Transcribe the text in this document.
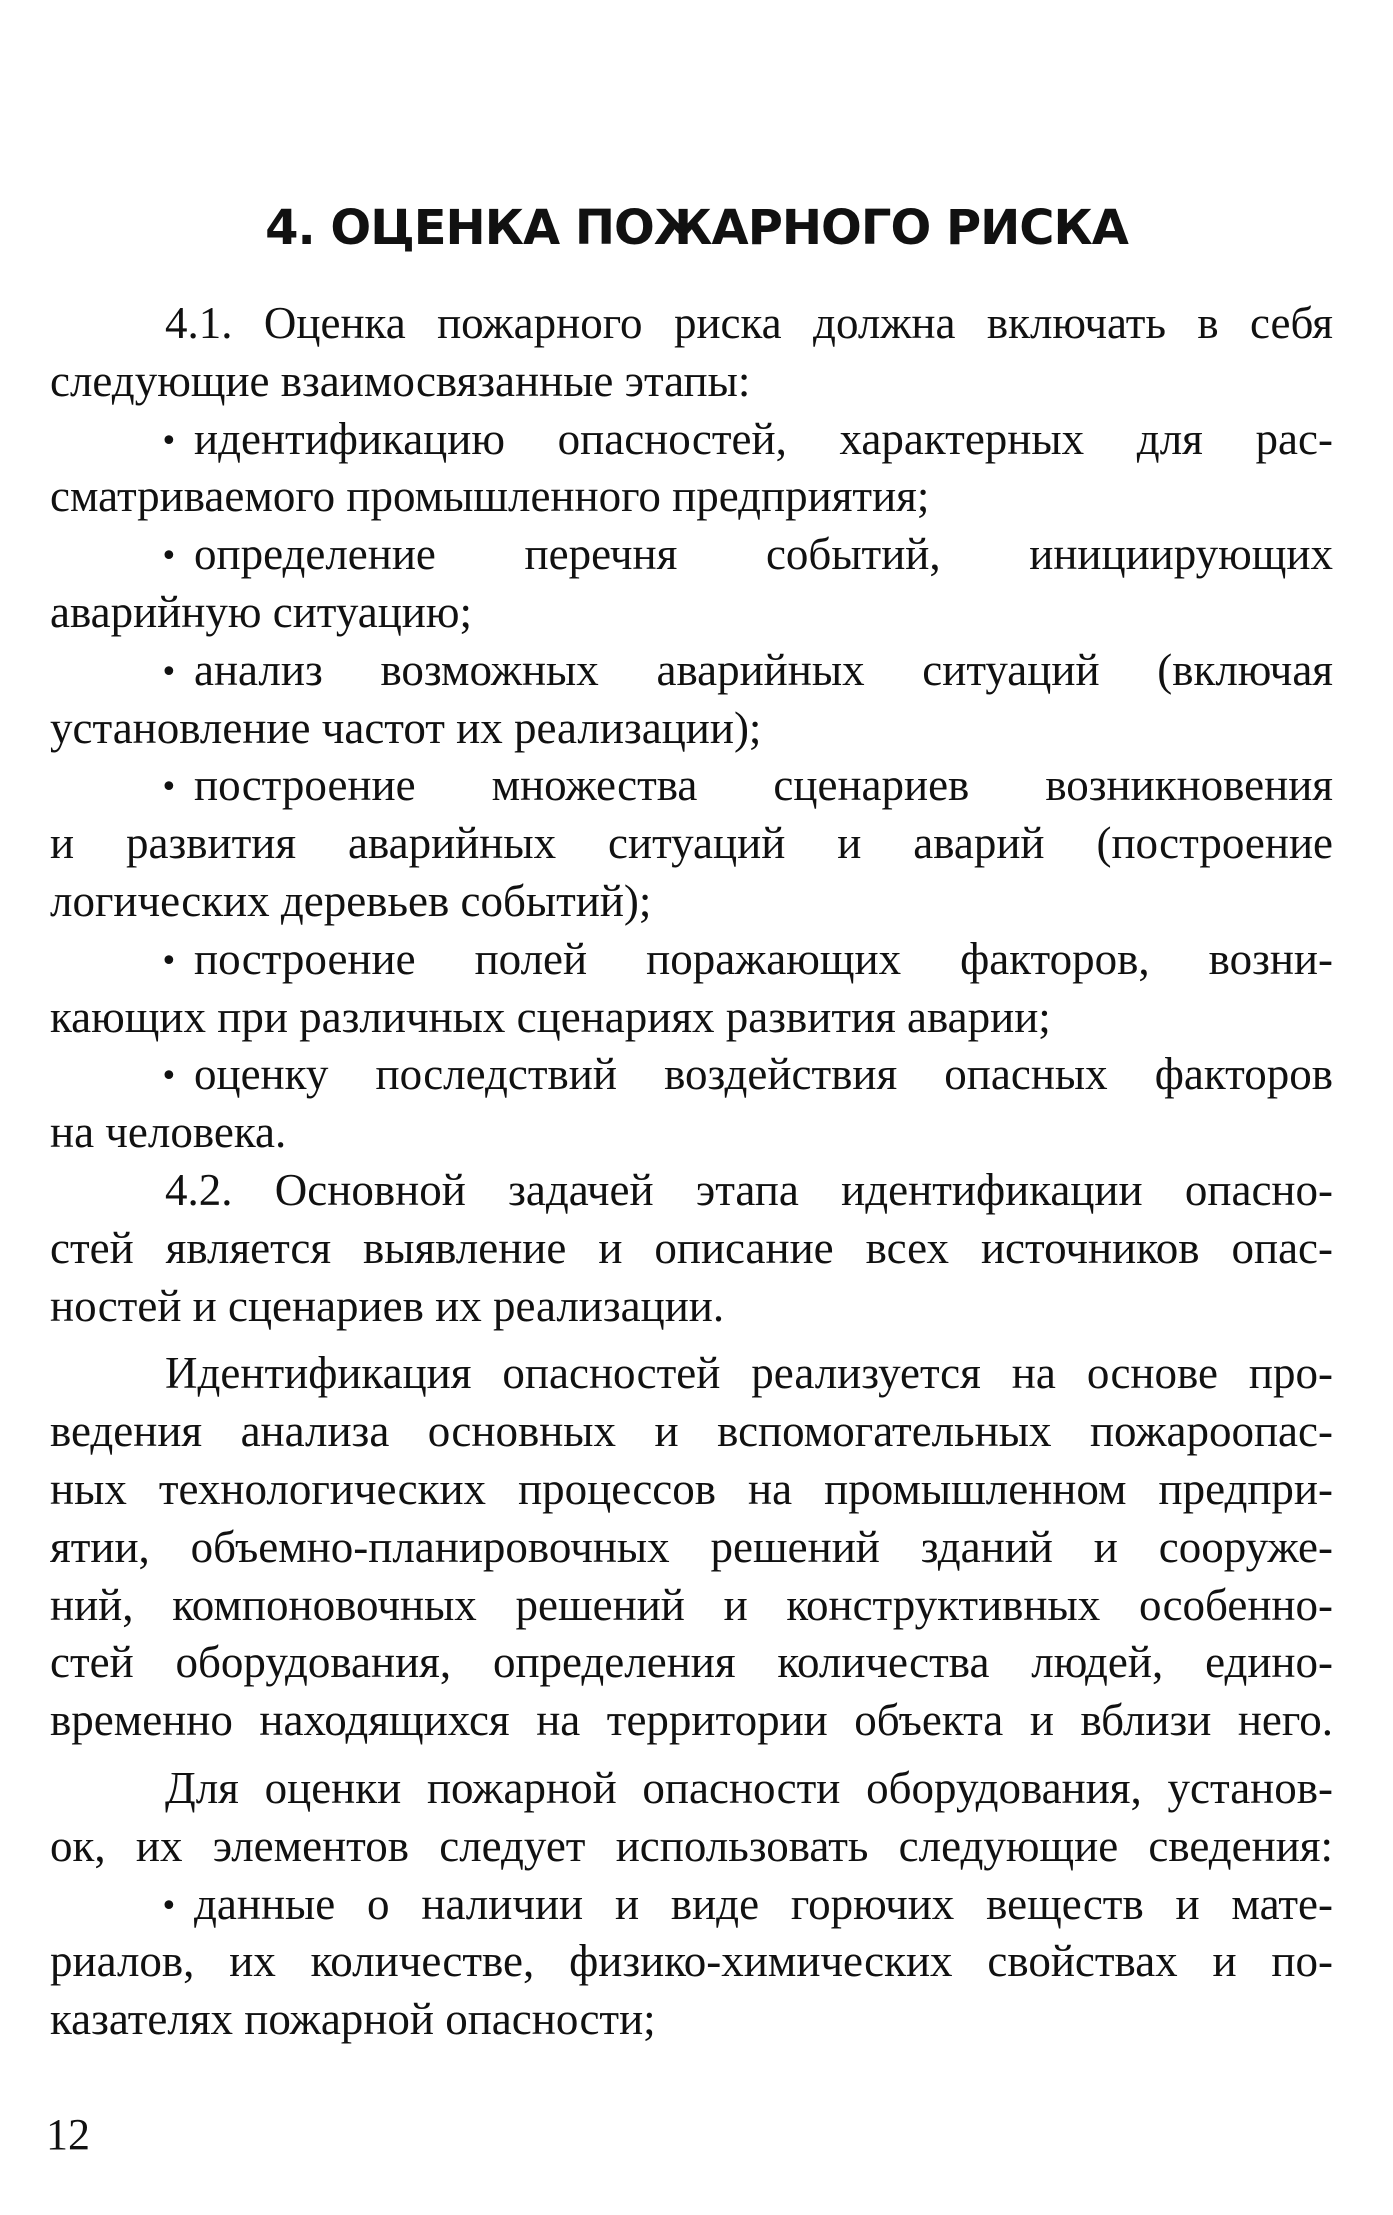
4. ОЦЕНКА ПОЖАРНОГО РИСКА

4.1. Оценка пожарного риска должна включать в себя
следующие взаимосвязанные этапы:

• идентификацию опасностей, характерных для рас-
сматриваемого промышленного предприятия;

• определение перечня событий, инициирующих
аварийную ситуацию;

• анализ возможных аварийных ситуаций (включая
установление частот их реализации);

• построение множества сценариев возникновения
и развития аварийных ситуаций и аварий (построение
логических деревьев событий);

• построение полей поражающих факторов, возни-
кающих при различных сценариях развития аварии;

• оценку последствий воздействия опасных факторов
на человека.

4.2. Основной задачей этапа идентификации опасно-
стей является выявление и описание всех источников опас-
ностей и сценариев их реализации.

Идентификация опасностей реализуется на основе про-
ведения анализа основных и вспомогательных пожароопас-
ных технологических процессов на промышленном предпри-
ятии, объемно-планировочных решений зданий и сооруже-
ний, компоновочных решений и конструктивных особенно-
стей оборудования, определения количества людей, едино-
временно находящихся на территории объекта и вблизи него.

Для оценки пожарной опасности оборудования, установ-
ок, их элементов следует использовать следующие сведения:

• данные о наличии и виде горючих веществ и мате-
риалов, их количестве, физико-химических свойствах и по-
казателях пожарной опасности;

12
